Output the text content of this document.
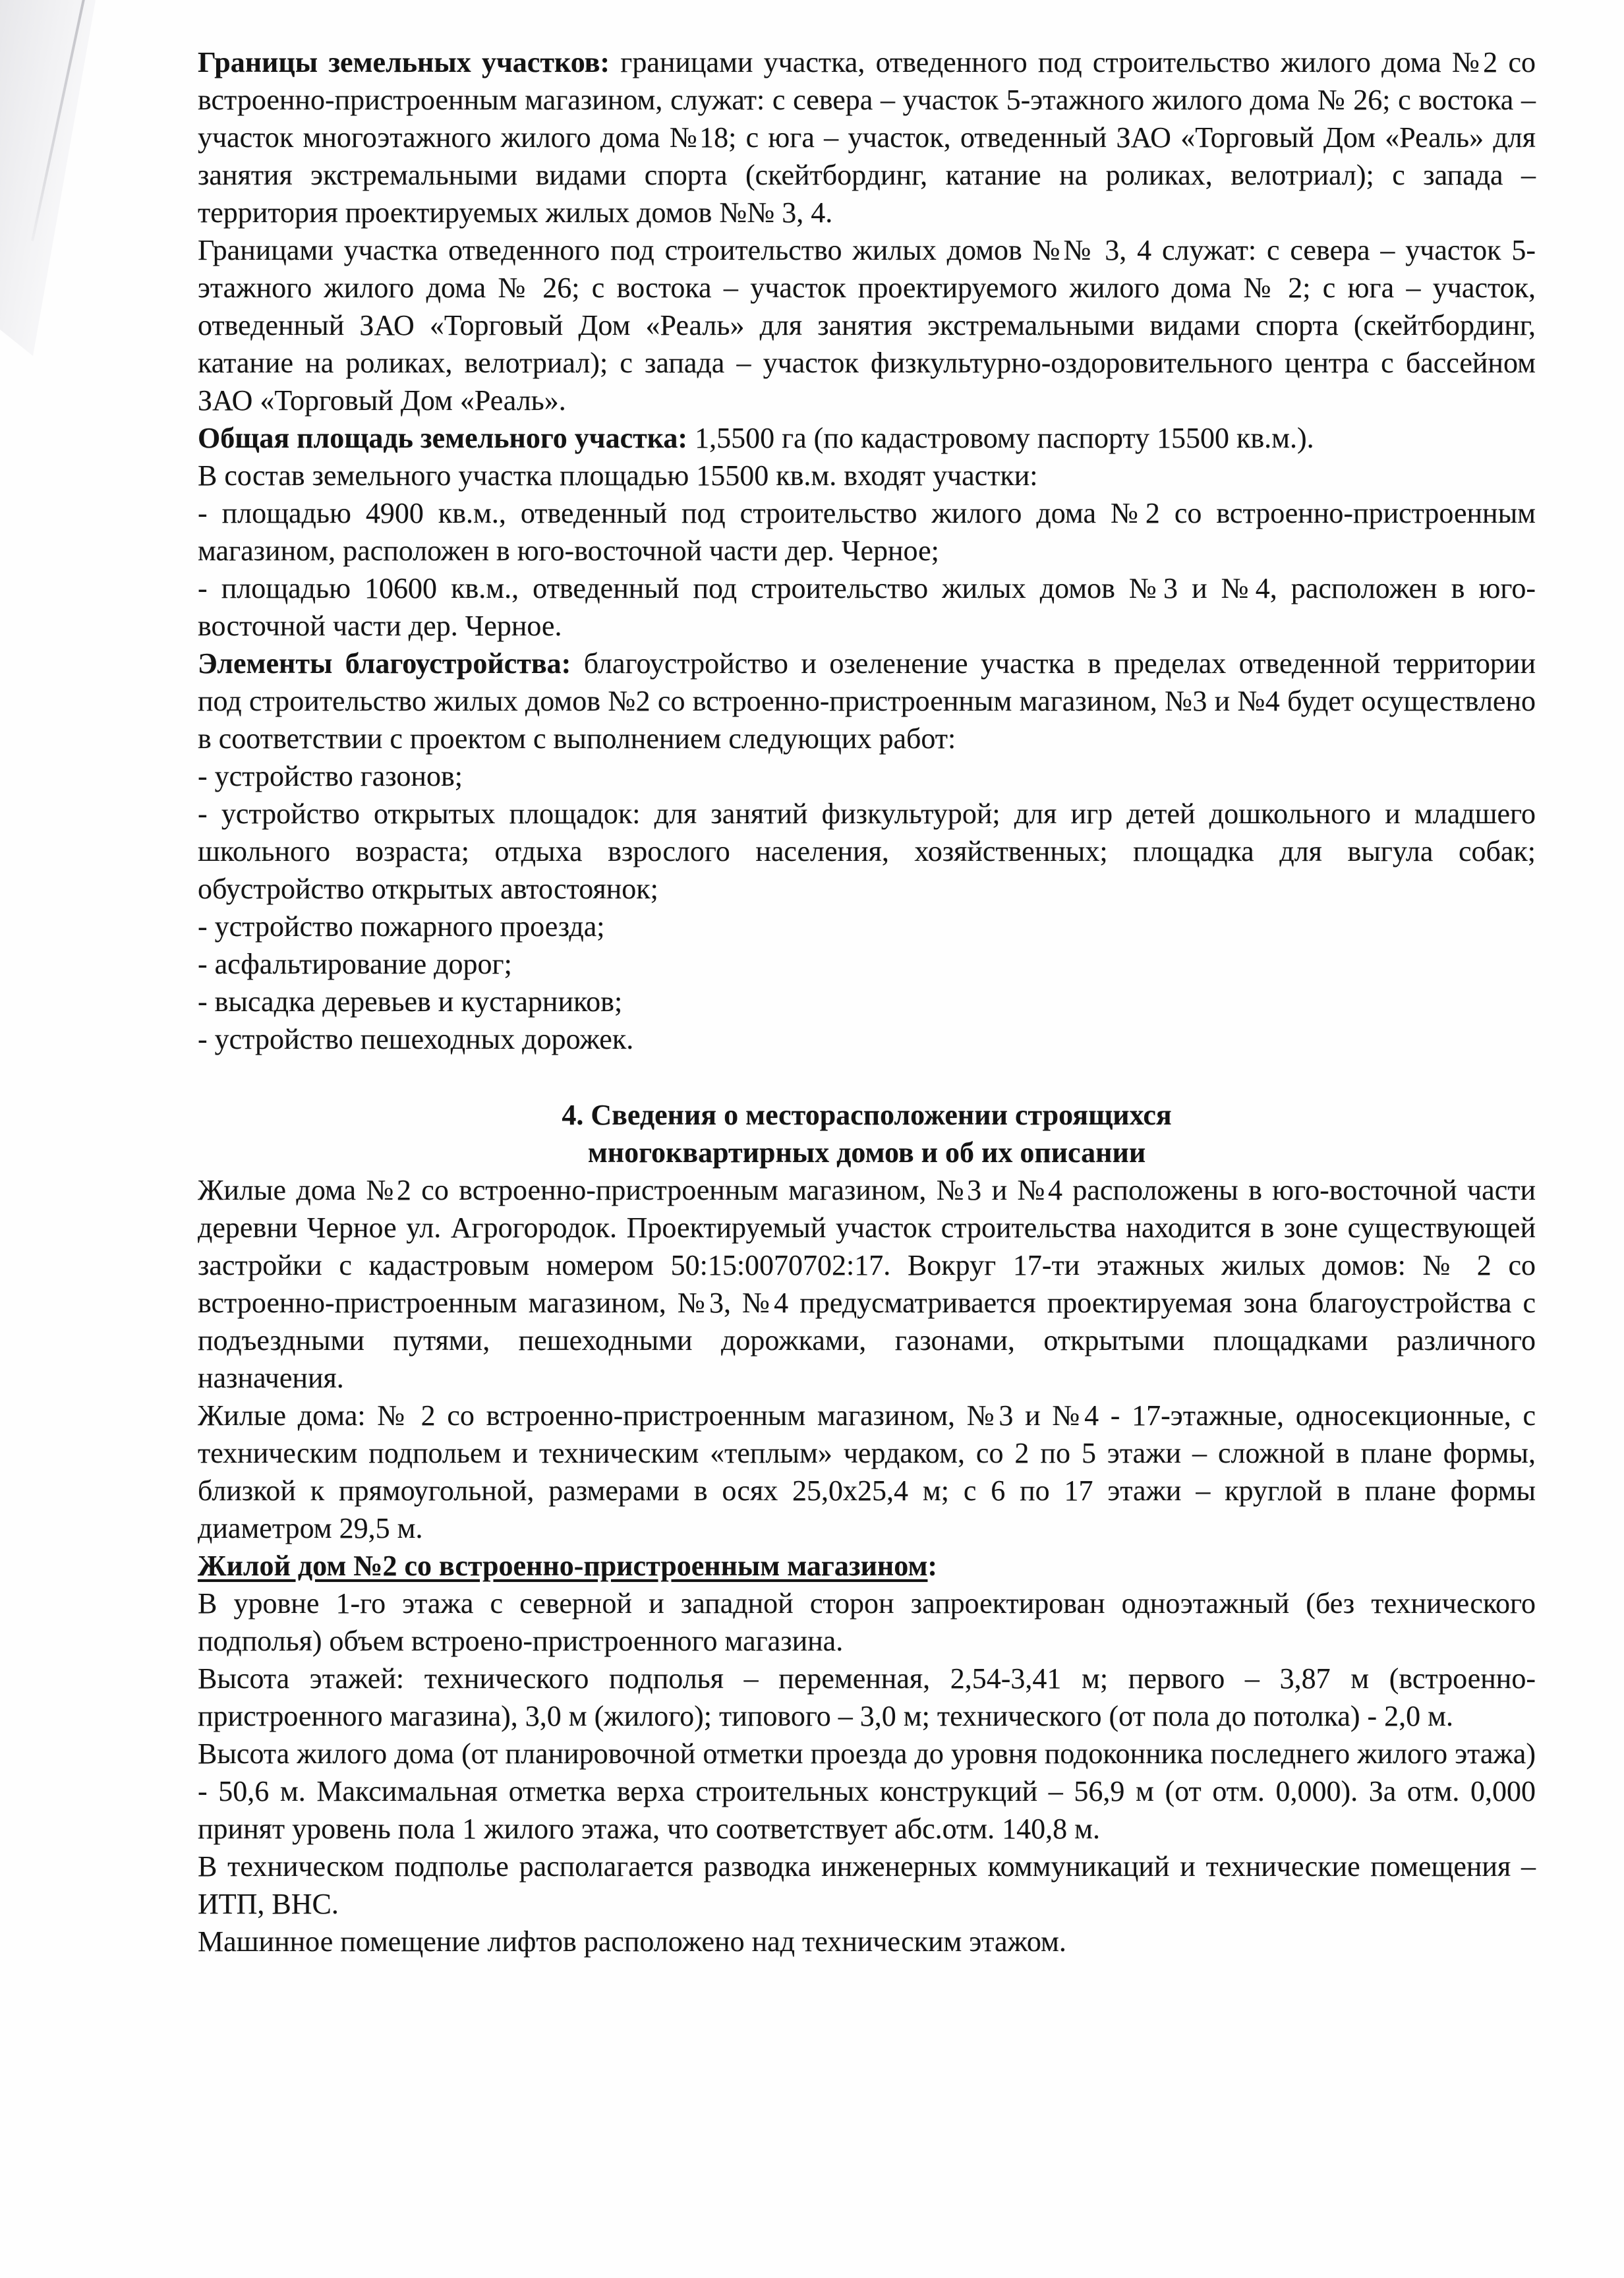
Границы земельных участков: границами участка, отведенного под строительство жилого дома №2 со встроенно-пристроенным магазином, служат: с севера – участок 5-этажного жилого дома № 26; с востока – участок многоэтажного жилого дома №18; с юга – участок, отведенный ЗАО «Торговый Дом «Реаль» для занятия экстремальными видами спорта (скейтбординг, катание на роликах, велотриал); с запада – территория проектируемых жилых домов №№ 3, 4.

Границами участка отведенного под строительство жилых домов №№ 3, 4 служат: с севера – участок 5-этажного жилого дома № 26; с востока – участок проектируемого жилого дома № 2; с юга – участок, отведенный ЗАО «Торговый Дом «Реаль» для занятия экстремальными видами спорта (скейтбординг, катание на роликах, велотриал); с запада – участок физкультурно-оздоровительного центра с бассейном ЗАО «Торговый Дом «Реаль».

Общая площадь земельного участка: 1,5500 га (по кадастровому паспорту 15500 кв.м.).

В состав земельного участка площадью 15500 кв.м. входят участки:

- площадью 4900 кв.м., отведенный под строительство жилого дома №2 со встроенно-пристроенным магазином, расположен в юго-восточной части дер. Черное;

- площадью 10600 кв.м., отведенный под строительство жилых домов №3 и №4, расположен в юго-восточной части дер. Черное.

Элементы благоустройства: благоустройство и озеленение участка в пределах отведенной территории под строительство жилых домов №2 со встроенно-пристроенным магазином, №3 и №4 будет осуществлено в соответствии с проектом с выполнением следующих работ:

- устройство газонов;

- устройство открытых площадок: для занятий физкультурой; для игр детей дошкольного и младшего школьного возраста; отдыха взрослого населения, хозяйственных; площадка для выгула собак; обустройство открытых автостоянок;

- устройство пожарного проезда;

- асфальтирование дорог;

- высадка деревьев и кустарников;

- устройство пешеходных дорожек.

4. Сведения о месторасположении строящихся
многоквартирных домов и об их описании

Жилые дома №2 со встроенно-пристроенным магазином, №3 и №4 расположены в юго-восточной части деревни Черное ул. Агрогородок. Проектируемый участок строительства находится в зоне существующей застройки с кадастровым номером 50:15:0070702:17. Вокруг 17-ти этажных жилых домов: № 2 со встроенно-пристроенным магазином, №3, №4 предусматривается проектируемая зона благоустройства с подъездными путями, пешеходными дорожками, газонами, открытыми площадками различного назначения.

Жилые дома: № 2 со встроенно-пристроенным магазином, №3 и №4 - 17-этажные, односекционные, с техническим подпольем и техническим «теплым» чердаком, со 2 по 5 этажи – сложной в плане формы, близкой к прямоугольной, размерами в осях 25,0х25,4 м; с 6 по 17 этажи – круглой в плане формы диаметром 29,5 м.

Жилой дом №2 со встроенно-пристроенным магазином:

В уровне 1-го этажа с северной и западной сторон запроектирован одноэтажный (без технического подполья) объем встроено-пристроенного магазина.

Высота этажей: технического подполья – переменная, 2,54-3,41 м; первого – 3,87 м (встроенно-пристроенного магазина), 3,0 м (жилого); типового – 3,0 м; технического (от пола до потолка) - 2,0 м.

Высота жилого дома (от планировочной отметки проезда до уровня подоконника последнего жилого этажа) - 50,6 м. Максимальная отметка верха строительных конструкций – 56,9 м (от отм. 0,000). За отм. 0,000 принят уровень пола 1 жилого этажа, что соответствует абс.отм. 140,8 м.

В техническом подполье располагается разводка инженерных коммуникаций и технические помещения – ИТП, ВНС.

Машинное помещение лифтов расположено над техническим этажом.
